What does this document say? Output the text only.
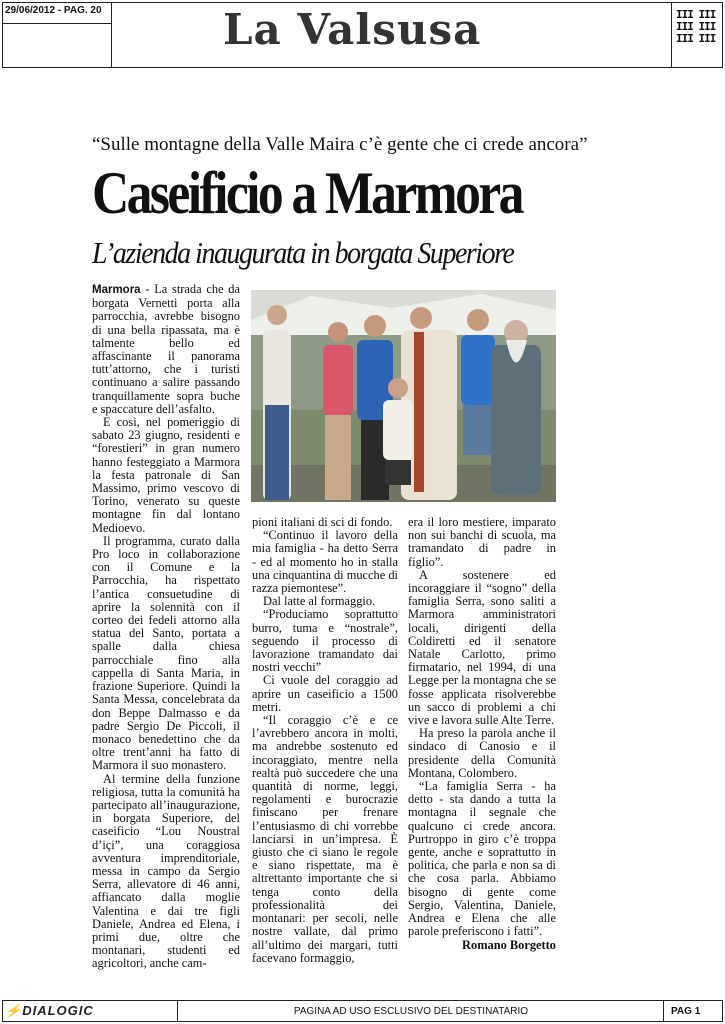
29/06/2012 - PAG. 20	La Valsusa	III III
III III
III III
“Sulle montagne della Valle Maira c’è gente che ci crede ancora”
Caseificio a Marmora
L’azienda inaugurata in borgata Superiore

Marmora - La strada che da borgata Vernetti porta alla parrocchia, avrebbe bisogno di una bella ripassata, ma è talmente bello ed affascinante il panorama tutt’attorno, che i turisti continuano a salire passando tranquillamente sopra buche e spaccature dell’asfalto.

E così, nel pomeriggio di sabato 23 giugno, residenti e “forestieri” in gran numero hanno festeggiato a Marmora la festa patronale di San Massimo, primo vescovo di Torino, venerato su queste montagne fin dal lontano Medioevo.

Il programma, curato dalla Pro loco in collaborazione con il Comune e la Parrocchia, ha rispettato l’antica consuetudine di aprire la solennità con il corteo dei fedeli attorno alla statua del Santo, portata a spalle dalla chiesa parrocchiale fino alla cappella di Santa Maria, in frazione Superiore. Quindi la Santa Messa, concelebrata da don Beppe Dalmasso e da padre Sergio De Piccoli, il monaco benedettino che da oltre trent’anni ha fatto di Marmora il suo monastero.

Al termine della funzione religiosa, tutta la comunità ha partecipato all’inaugurazione, in borgata Superiore, del caseificio “Lou Noustral d’içi”, una coraggiosa avventura imprenditoriale, messa in campo da Sergio Serra, allevatore di 46 anni, affiancato dalla moglie Valentina e dai tre figli Daniele, Andrea ed Elena, i primi due, oltre che montanari, studenti ed agricoltori, anche cam-

pioni italiani di sci di fondo.

“Continuo il lavoro della mia famiglia - ha detto Serra - ed al momento ho in stalla una cinquantina di mucche di razza piemontese”.

Dal latte al formaggio.

“Produciamo soprattutto burro, tuma e “nostrale”, seguendo il processo di lavorazione tramandato dai nostri vecchi”

Ci vuole del coraggio ad aprire un caseificio a 1500 metri.

“Il coraggio c’è e ce l’avrebbero ancora in molti, ma andrebbe sostenuto ed incoraggiato, mentre nella realtà può succedere che una quantità di norme, leggi, regolamenti e burocrazie finiscano per frenare l’entusiasmo di chi vorrebbe lanciarsi in un’impresa. È giusto che ci siano le regole e siano rispettate, ma è altrettanto importante che si tenga conto della professionalità dei montanari: per secoli, nelle nostre vallate, dal primo all’ultimo dei margari, tutti facevano formaggio,

era il loro mestiere, imparato non sui banchi di scuola, ma tramandato di padre in figlio”.

A sostenere ed incoraggiare il “sogno” della famiglia Serra, sono saliti a Marmora amministratori locali, dirigenti della Coldiretti ed il senatore Natale Carlotto, primo firmatario, nel 1994, di una Legge per la montagna che se fosse applicata risolverebbe un sacco di problemi a chi vive e lavora sulle Alte Terre.

Ha preso la parola anche il sindaco di Canosio e il presidente della Comunità Montana, Colombero.

“La famiglia Serra - ha detto - sta dando a tutta la montagna il segnale che qualcuno ci crede ancora. Purtroppo in giro c’è troppa gente, anche e soprattutto in politica, che parla e non sa di che cosa parla. Abbiamo bisogno di gente come Sergio, Valentina, Daniele, Andrea e Elena che alle parole preferiscono i fatti”.

Romano Borgetto

⚡DIALOGIC	PAGINA AD USO ESCLUSIVO DEL DESTINATARIO	PAG 1
